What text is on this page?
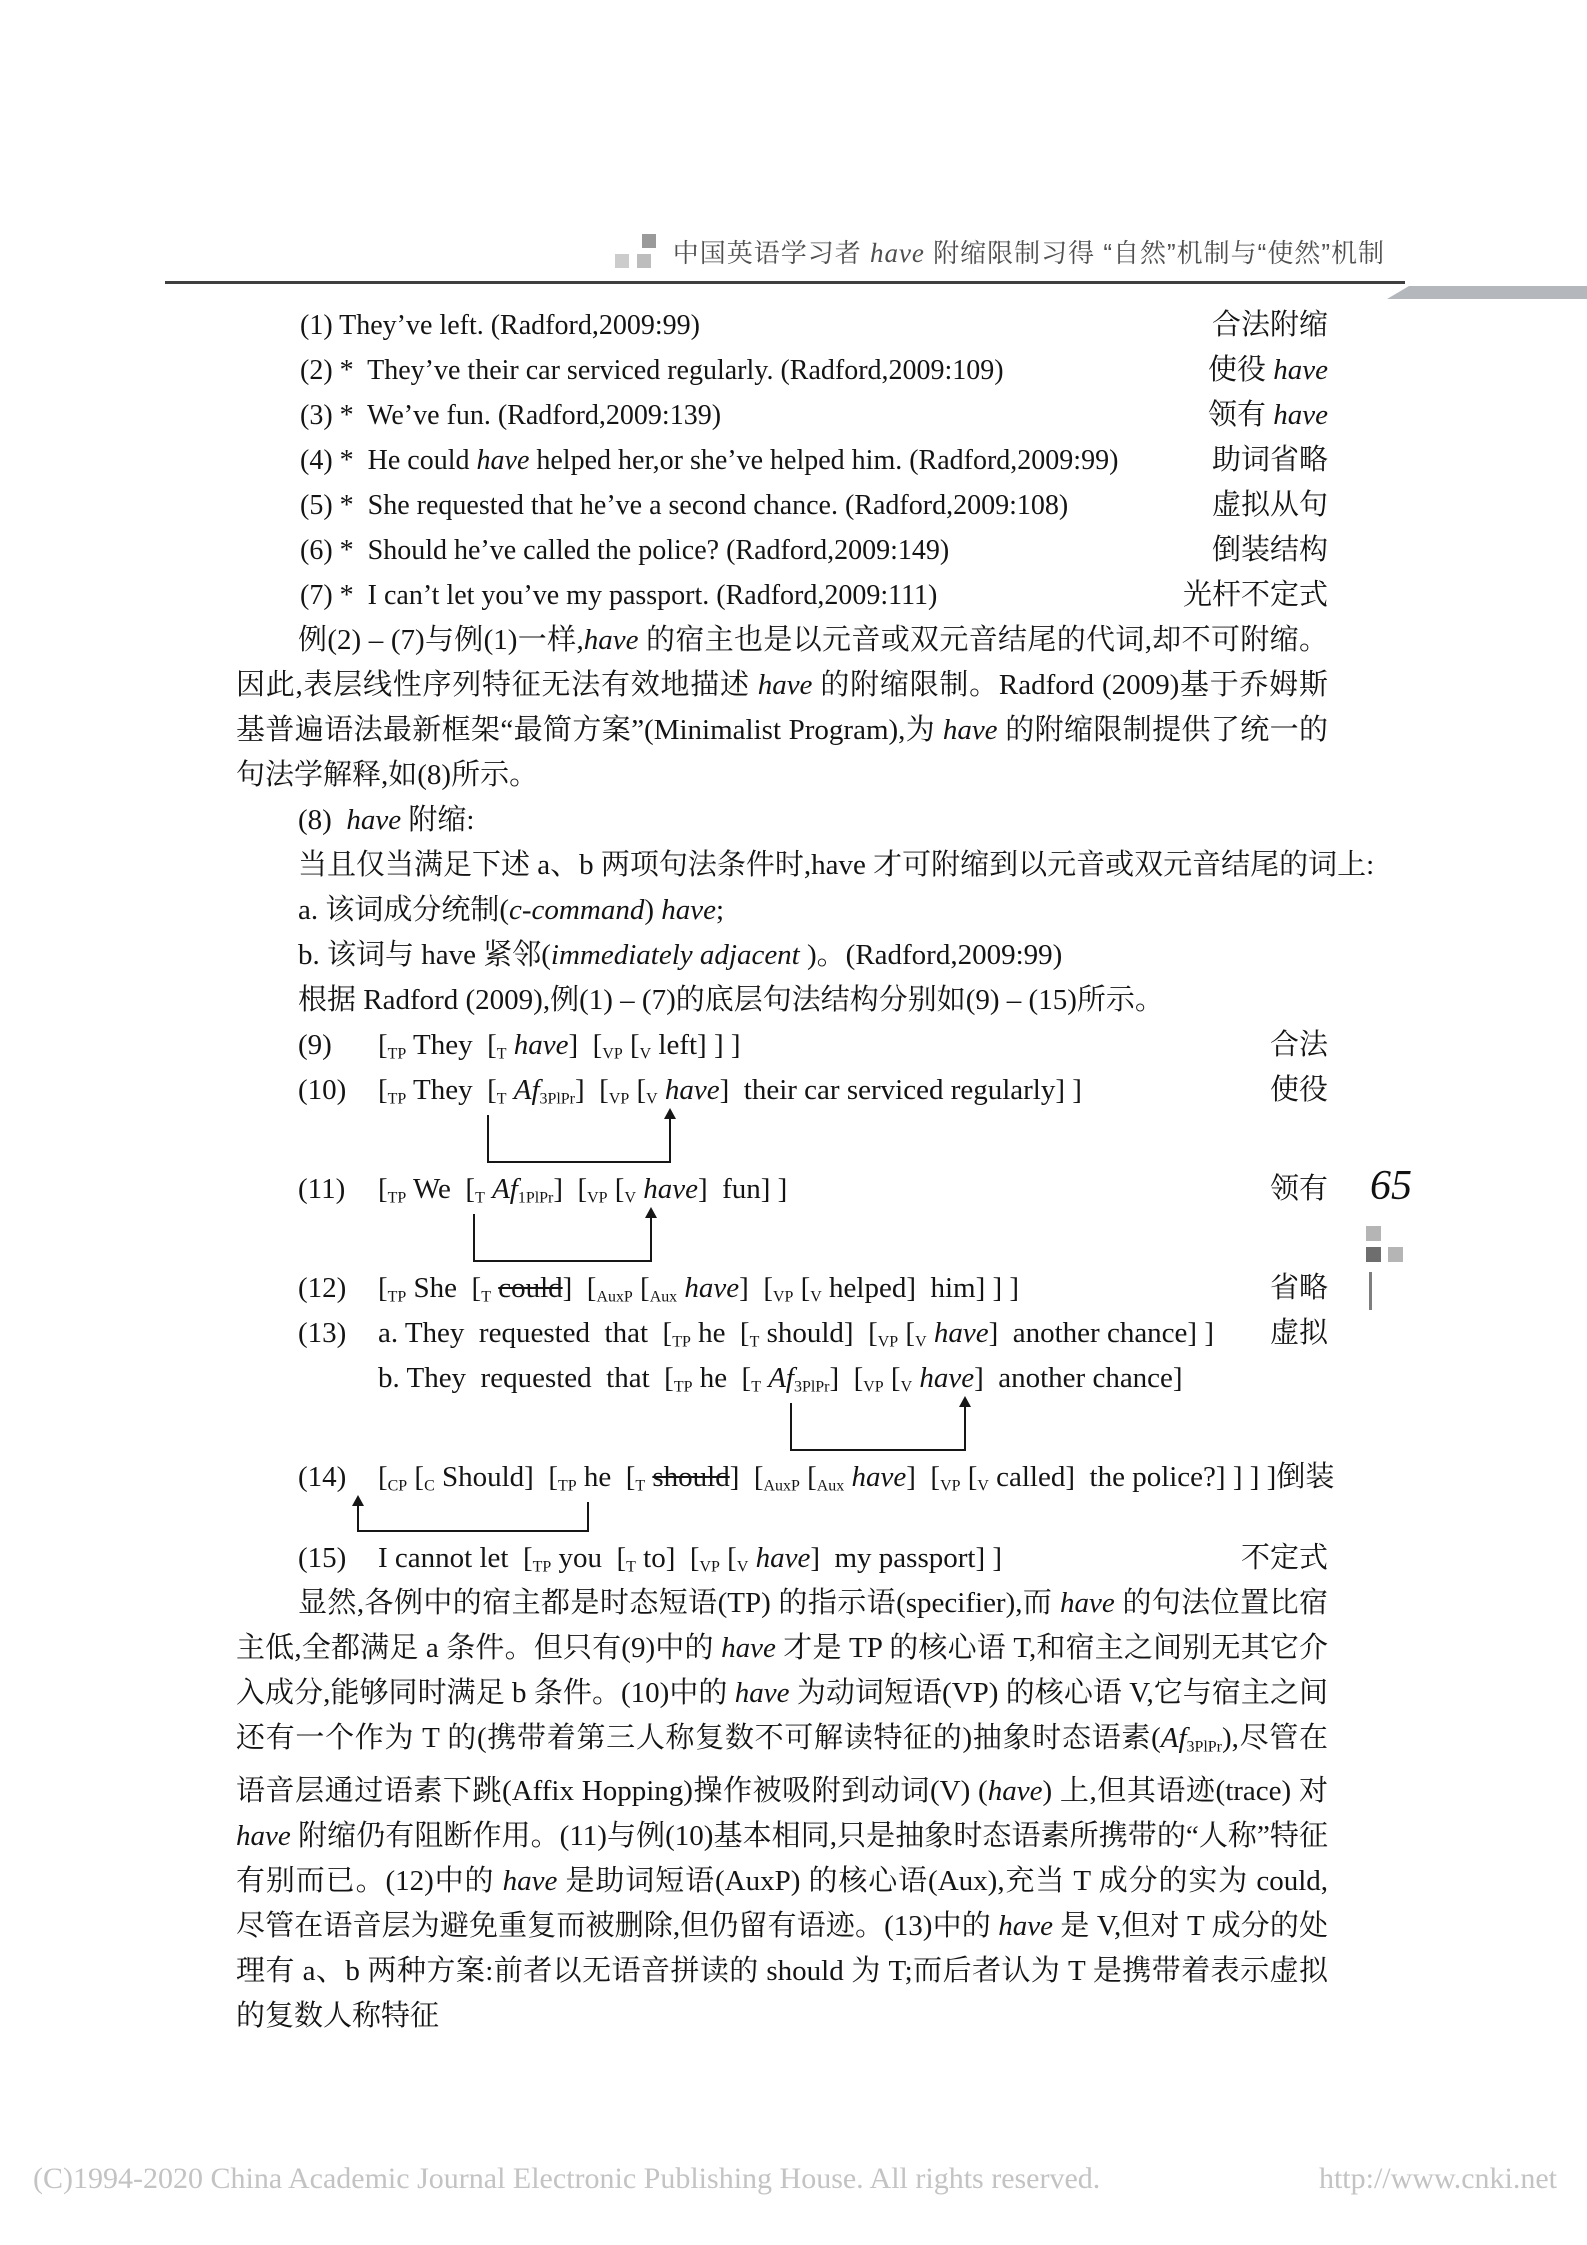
中国英语学习者 have 附缩限制习得 “自然”机制与“使然”机制
(1) They’ve left. (Radford,2009:99)	合法附缩
(2) *  They’ve their car serviced regularly. (Radford,2009:109)	使役 have
(3) *  We’ve fun. (Radford,2009:139)	领有 have
(4) *  He could have helped her,or she’ve helped him. (Radford,2009:99)	助词省略
(5) *  She requested that he’ve a second chance. (Radford,2009:108)	虚拟从句
(6) *  Should he’ve called the police? (Radford,2009:149)	倒装结构
(7) *  I can’t let you’ve my passport. (Radford,2009:111)	光杆不定式

例(2) – (7)与例(1)一样,have 的宿主也是以元音或双元音结尾的代词,却不可附缩。因此,表层线性序列特征无法有效地描述 have 的附缩限制。Radford (2009)基于乔姆斯基普遍语法最新框架“最简方案”(Minimalist Program),为 have 的附缩限制提供了统一的句法学解释,如(8)所示。

(8)  have 附缩:
当且仅当满足下述 a、b 两项句法条件时,have 才可附缩到以元音或双元音结尾的词上:
a. 该词成分统制(c-command) have;
b. 该词与 have 紧邻(immediately adjacent )。(Radford,2009:99)
根据 Radford (2009),例(1) – (7)的底层句法结构分别如(9) – (15)所示。
(9) [TP They  [T have]  [VP [V left] ] ]	合法
(10) [TP They  [T Af3PlPr]  [VP [V have]  their car serviced regularly] ]	使役
(11) [TP We  [T Af1PlPr]  [VP [V have]  fun] ]	领有
(12) [TP She  [T could]  [AuxP [Aux have]  [VP [V helped]  him] ] ]	省略
(13) a. They  requested  that  [TP he  [T should]  [VP [V have]  another chance] ] 虚拟
b. They  requested  that  [TP he  [T Af3PlPr]  [VP [V have]  another chance]
(14) [CP [C Should]  [TP he  [T should]  [AuxP [Aux have]  [VP [V called]  the police?] ] ] ] 倒装
(15) I cannot let  [TP you  [T to]  [VP [V have]  my passport] ]	不定式

显然,各例中的宿主都是时态短语(TP) 的指示语(specifier),而 have 的句法位置比宿主低,全都满足 a 条件。但只有(9)中的 have 才是 TP 的核心语 T,和宿主之间别无其它介入成分,能够同时满足 b 条件。(10)中的 have 为动词短语(VP) 的核心语 V,它与宿主之间还有一个作为 T 的(携带着第三人称复数不可解读特征的)抽象时态语素(Af3PlPr),尽管在语音层通过语素下跳(Affix Hopping)操作被吸附到动词(V) (have) 上,但其语迹(trace) 对 have 附缩仍有阻断作用。(11)与例(10)基本相同,只是抽象时态语素所携带的“人称”特征有别而已。(12)中的 have 是助词短语(AuxP) 的核心语(Aux),充当 T 成分的实为 could,尽管在语音层为避免重复而被删除,但仍留有语迹。(13)中的 have 是 V,但对 T 成分的处理有 a、b 两种方案:前者以无语音拼读的 should 为 T;而后者认为 T 是携带着表示虚拟的复数人称特征

65
(C)1994-2020 China Academic Journal Electronic Publishing House. All rights reserved.	http://www.cnki.net
